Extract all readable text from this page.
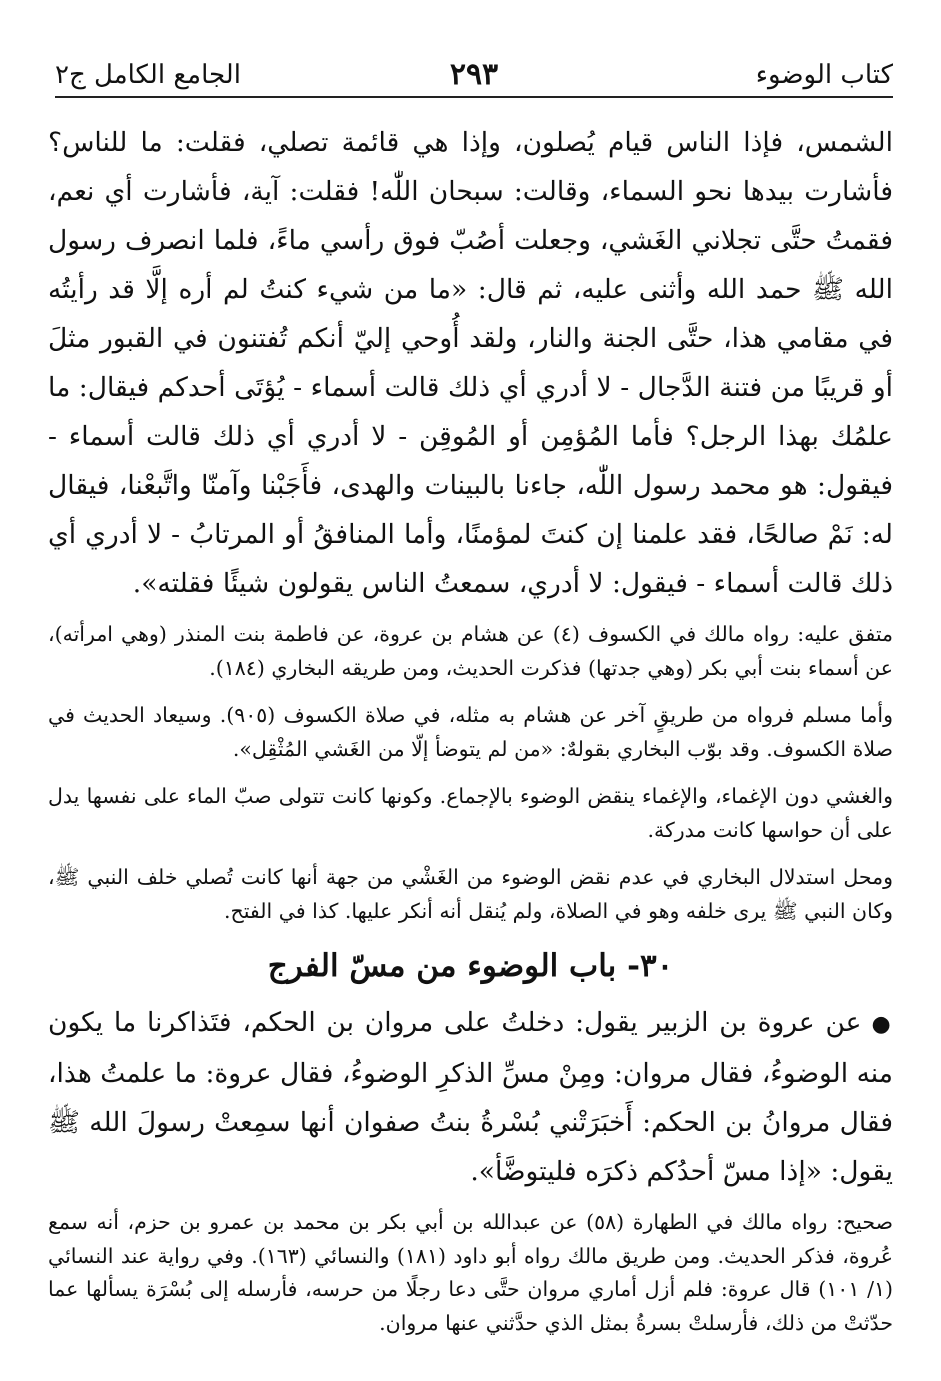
كتاب الوضوء
٢٩٣
الجامع الكامل ج٢

الشمس، فإذا الناس قيام يُصلون، وإذا هي قائمة تصلي، فقلت: ما للناس؟ فأشارت بيدها نحو السماء، وقالت: سبحان اللّٰه! فقلت: آية، فأشارت أي نعم، فقمتُ حتَّى تجلاني الغَشي، وجعلت أصُبّ فوق رأسي ماءً، فلما انصرف رسول الله ﷺ حمد الله وأثنى عليه، ثم قال: «ما من شيء كنتُ لم أره إلَّا قد رأيتُه في مقامي هذا، حتَّى الجنة والنار، ولقد أُوحي إليّ أنكم تُفتنون في القبور مثلَ أو قريبًا من فتنة الدَّجال - لا أدري أي ذلك قالت أسماء - يُؤتَى أحدكم فيقال: ما علمُك بهذا الرجل؟ فأما المُؤمِن أو المُوقِن - لا أدري أي ذلك قالت أسماء - فيقول: هو محمد رسول اللّٰه، جاءنا بالبينات والهدى، فأَجَبْنا وآمنّا واتَّبعْنا، فيقال له: نَمْ صالحًا، فقد علمنا إن كنتَ لمؤمنًا، وأما المنافقُ أو المرتابُ - لا أدري أي ذلك قالت أسماء - فيقول: لا أدري، سمعتُ الناس يقولون شيئًا فقلته».

متفق عليه: رواه مالك في الكسوف (٤) عن هشام بن عروة، عن فاطمة بنت المنذر (وهي امرأته)، عن أسماء بنت أبي بكر (وهي جدتها) فذكرت الحديث، ومن طريقه البخاري (١٨٤).

وأما مسلم فرواه من طريقٍ آخر عن هشام به مثله، في صلاة الكسوف (٩٠٥). وسيعاد الحديث في صلاة الكسوف. وقد بوّب البخاري بقولهٌ: «من لم يتوضأ إلّا من الغَشي المُثْقِل».

والغشي دون الإغماء، والإغماء ينقض الوضوء بالإجماع. وكونها كانت تتولى صبّ الماء على نفسها يدل على أن حواسها كانت مدركة.

ومحل استدلال البخاري في عدم نقض الوضوء من الغَشْي من جهة أنها كانت تُصلي خلف النبي ﷺ، وكان النبي ﷺ يرى خلفه وهو في الصلاة، ولم يُنقل أنه أنكر عليها. كذا في الفتح.

٣٠- باب الوضوء من مسّ الفرج

●عن عروة بن الزبير يقول: دخلتُ على مروان بن الحكم، فتَذاكرنا ما يكون منه الوضوءُ، فقال مروان: ومِنْ مسِّ الذكرِ الوضوءُ، فقال عروة: ما علمتُ هذا، فقال مروانُ بن الحكم: أَخبَرَتْني بُسْرةُ بنتُ صفوان أنها سمِعتْ رسولَ الله ﷺ يقول: «إذا مسّ أحدُكم ذكرَه فليتوضَّأ».

صحيح: رواه مالك في الطهارة (٥٨) عن عبدالله بن أبي بكر بن محمد بن عمرو بن حزم، أنه سمع عُروة، فذكر الحديث. ومن طريق مالك رواه أبو داود (١٨١) والنسائي (١٦٣). وفي رواية عند النسائي (١/ ١٠١) قال عروة: فلم أزل أماري مروان حتَّى دعا رجلًا من حرسه، فأرسله إلى بُسْرَة يسألها عما حدّثتْ من ذلك، فأرسلتْ بسرةُ بمثل الذي حدَّثني عنها مروان.
